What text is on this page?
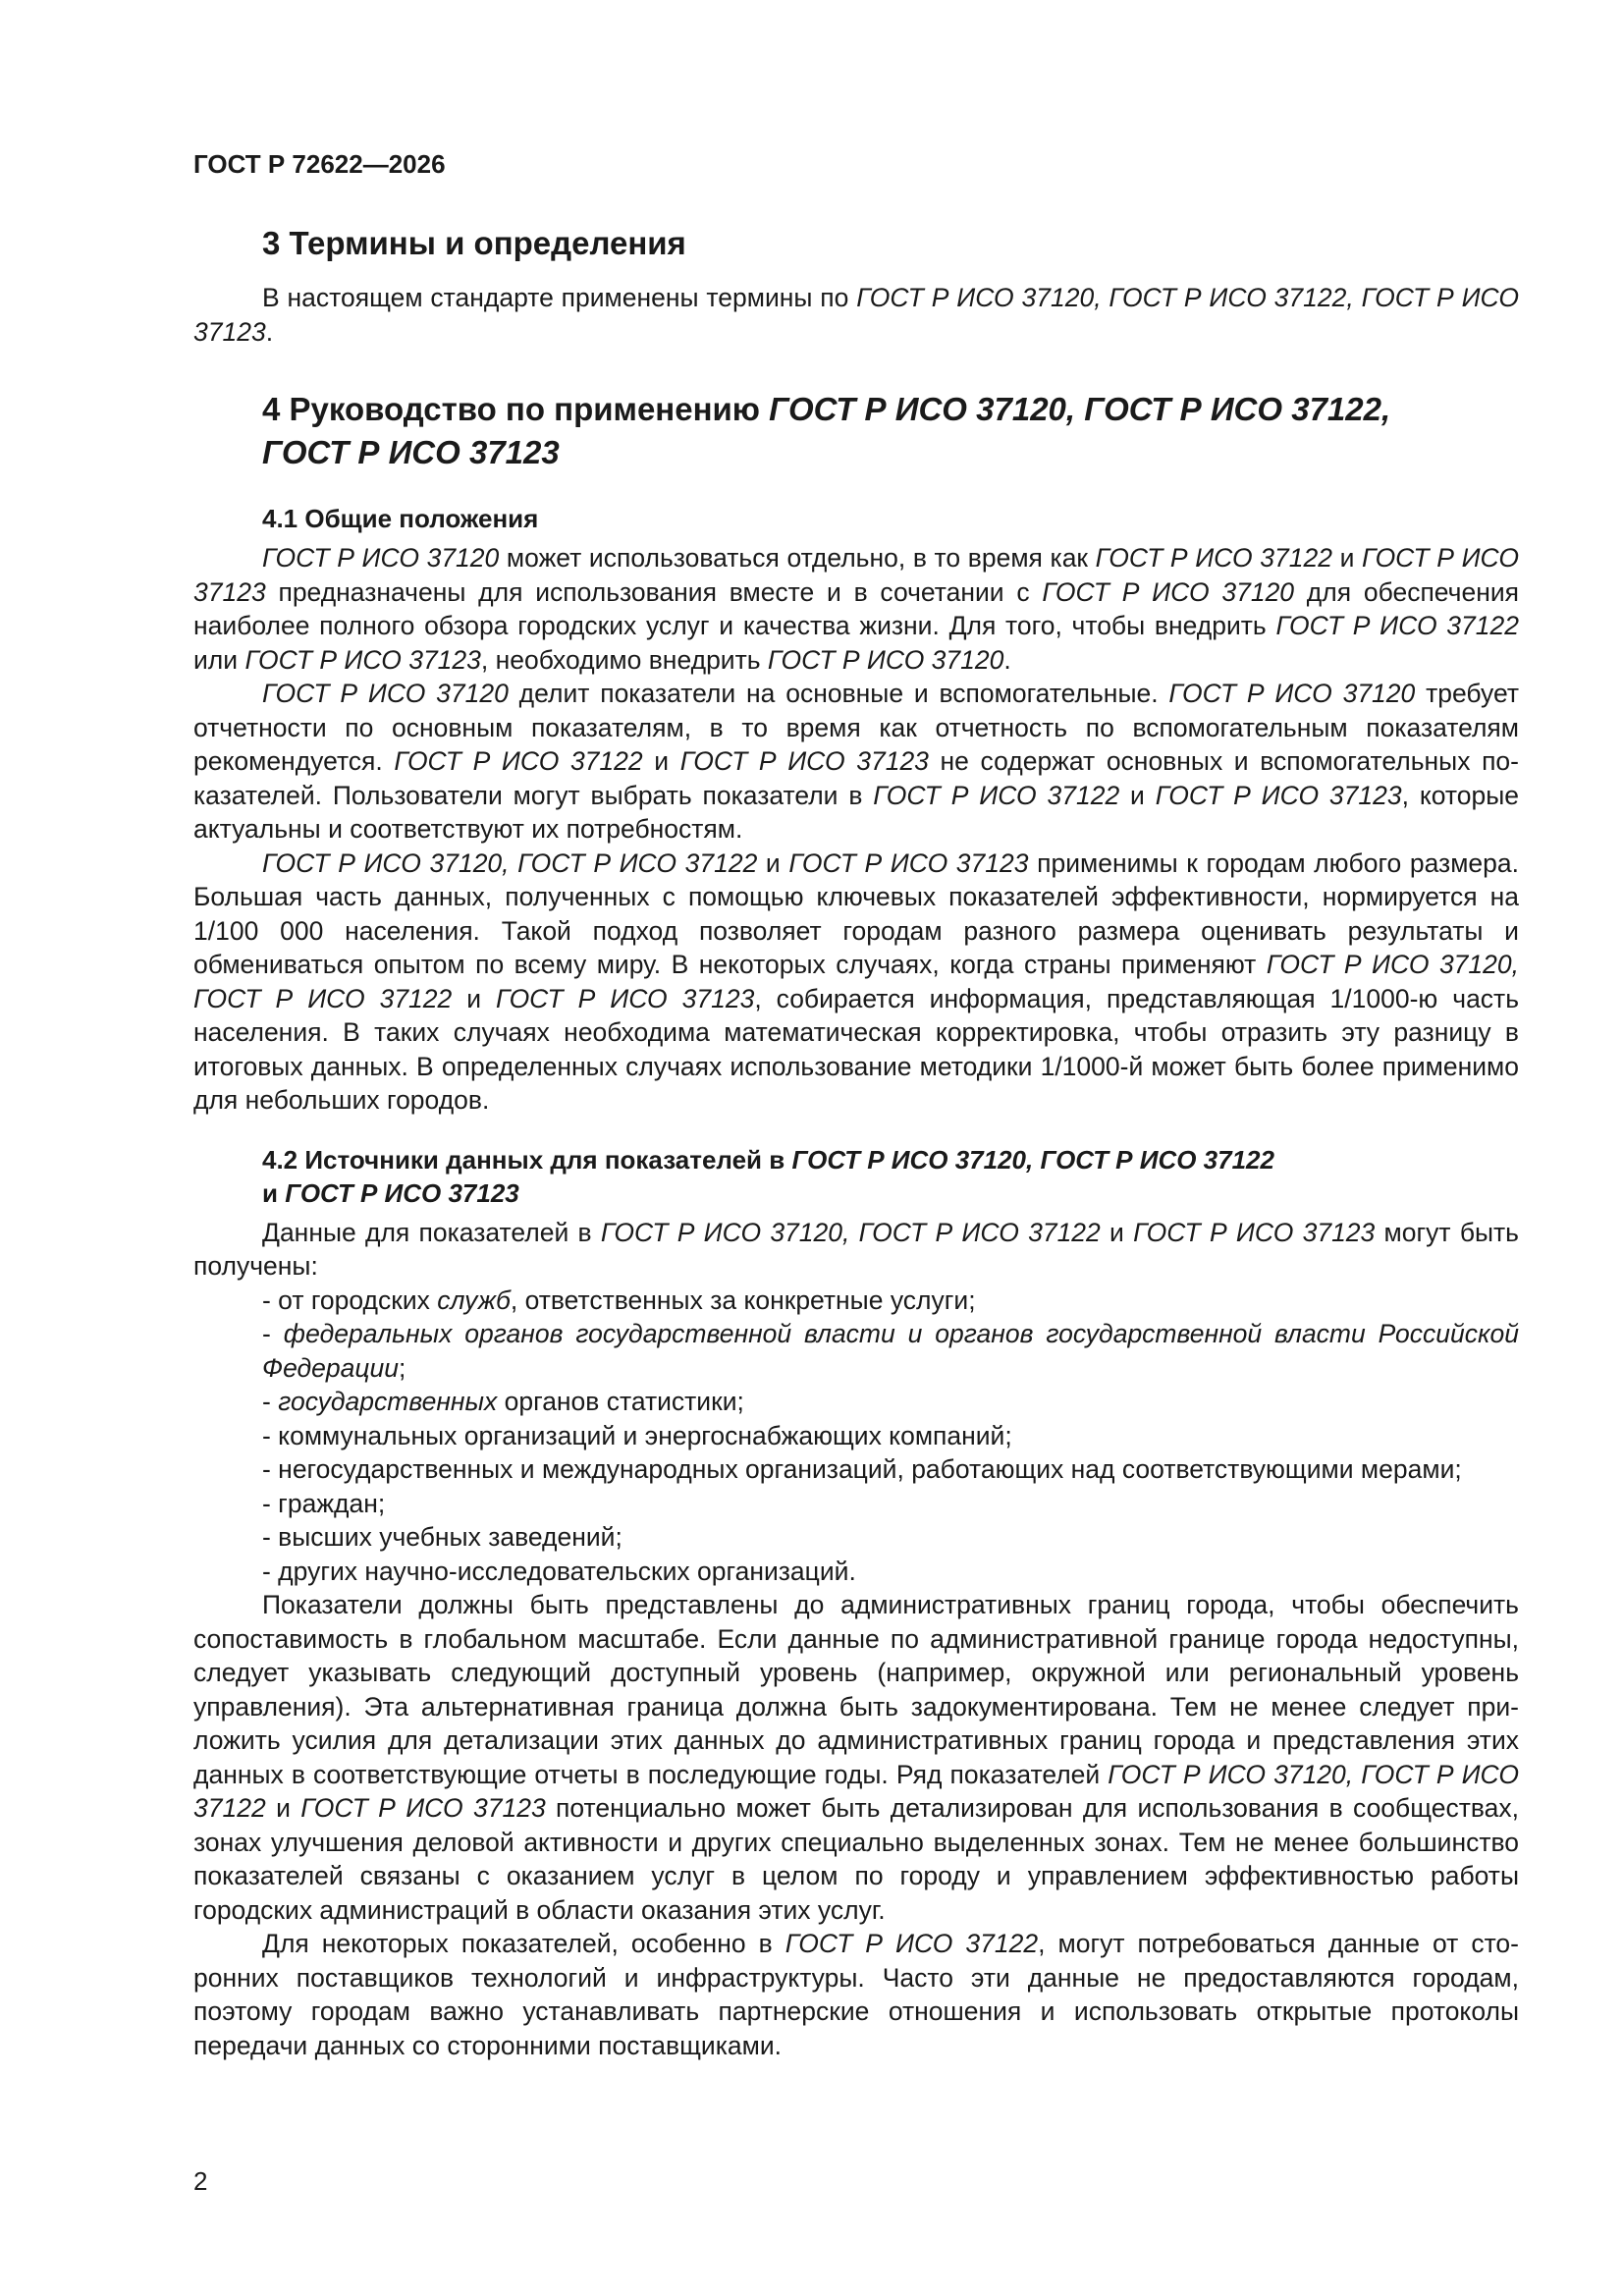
ГОСТ Р 72622—2026
3 Термины и определения

В настоящем стандарте применены термины по ГОСТ Р ИСО 37120, ГОСТ Р ИСО 37122, ГОСТ Р ИСО 37123.

4 Руководство по применению ГОСТ Р ИСО 37120, ГОСТ Р ИСО 37122,
ГОСТ Р ИСО 37123
4.1 Общие положения

ГОСТ Р ИСО 37120 может использоваться отдельно, в то время как ГОСТ Р ИСО 37122 и ГОСТ Р ИСО 37123 предназначены для использования вместе и в сочетании с ГОСТ Р ИСО 37120 для обеспечения наиболее полного обзора городских услуг и качества жизни. Для того, чтобы внедрить ГОСТ Р ИСО 37122 или ГОСТ Р ИСО 37123, необходимо внедрить ГОСТ Р ИСО 37120.

ГОСТ Р ИСО 37120 делит показатели на основные и вспомогательные. ГОСТ Р ИСО 37120 требует отчетности по основным показателям, в то время как отчетность по вспомогательным показателям рекомендуется. ГОСТ Р ИСО 37122 и ГОСТ Р ИСО 37123 не содержат основных и вспомогательных показателей. Пользователи могут выбрать показатели в ГОСТ Р ИСО 37122 и ГОСТ Р ИСО 37123, которые актуальны и соответствуют их потребностям.

ГОСТ Р ИСО 37120, ГОСТ Р ИСО 37122 и ГОСТ Р ИСО 37123 применимы к городам любого размера. Большая часть данных, полученных с помощью ключевых показателей эффективности, нормируется на 1/100 000 населения. Такой подход позволяет городам разного размера оценивать результаты и обмениваться опытом по всему миру. В некоторых случаях, когда страны применяют ГОСТ Р ИСО 37120, ГОСТ Р ИСО 37122 и ГОСТ Р ИСО 37123, собирается информация, представляющая 1/1000-ю часть населения. В таких случаях необходима математическая корректировка, чтобы отразить эту разницу в итоговых данных. В определенных случаях использование методики 1/1000-й может быть более применимо для небольших городов.

4.2 Источники данных для показателей в ГОСТ Р ИСО 37120, ГОСТ Р ИСО 37122
и ГОСТ Р ИСО 37123

Данные для показателей в ГОСТ Р ИСО 37120, ГОСТ Р ИСО 37122 и ГОСТ Р ИСО 37123 могут быть получены:

- от городских служб, ответственных за конкретные услуги;
- федеральных органов государственной власти и органов государственной власти Российской Федерации;
- государственных органов статистики;
- коммунальных организаций и энергоснабжающих компаний;
- негосударственных и международных организаций, работающих над соответствующими мерами;
- граждан;
- высших учебных заведений;
- других научно-исследовательских организаций.

Показатели должны быть представлены до административных границ города, чтобы обеспечить сопоставимость в глобальном масштабе. Если данные по административной границе города недоступны, следует указывать следующий доступный уровень (например, окружной или региональный уровень управления). Эта альтернативная граница должна быть задокументирована. Тем не менее следует приложить усилия для детализации этих данных до административных границ города и представления этих данных в соответствующие отчеты в последующие годы. Ряд показателей ГОСТ Р ИСО 37120, ГОСТ Р ИСО 37122 и ГОСТ Р ИСО 37123 потенциально может быть детализирован для использования в сообществах, зонах улучшения деловой активности и других специально выделенных зонах. Тем не менее большинство показателей связаны с оказанием услуг в целом по городу и управлением эффективностью работы городских администраций в области оказания этих услуг.

Для некоторых показателей, особенно в ГОСТ Р ИСО 37122, могут потребоваться данные от сторонних поставщиков технологий и инфраструктуры. Часто эти данные не предоставляются городам, поэтому городам важно устанавливать партнерские отношения и использовать открытые протоколы передачи данных со сторонними поставщиками.

2
